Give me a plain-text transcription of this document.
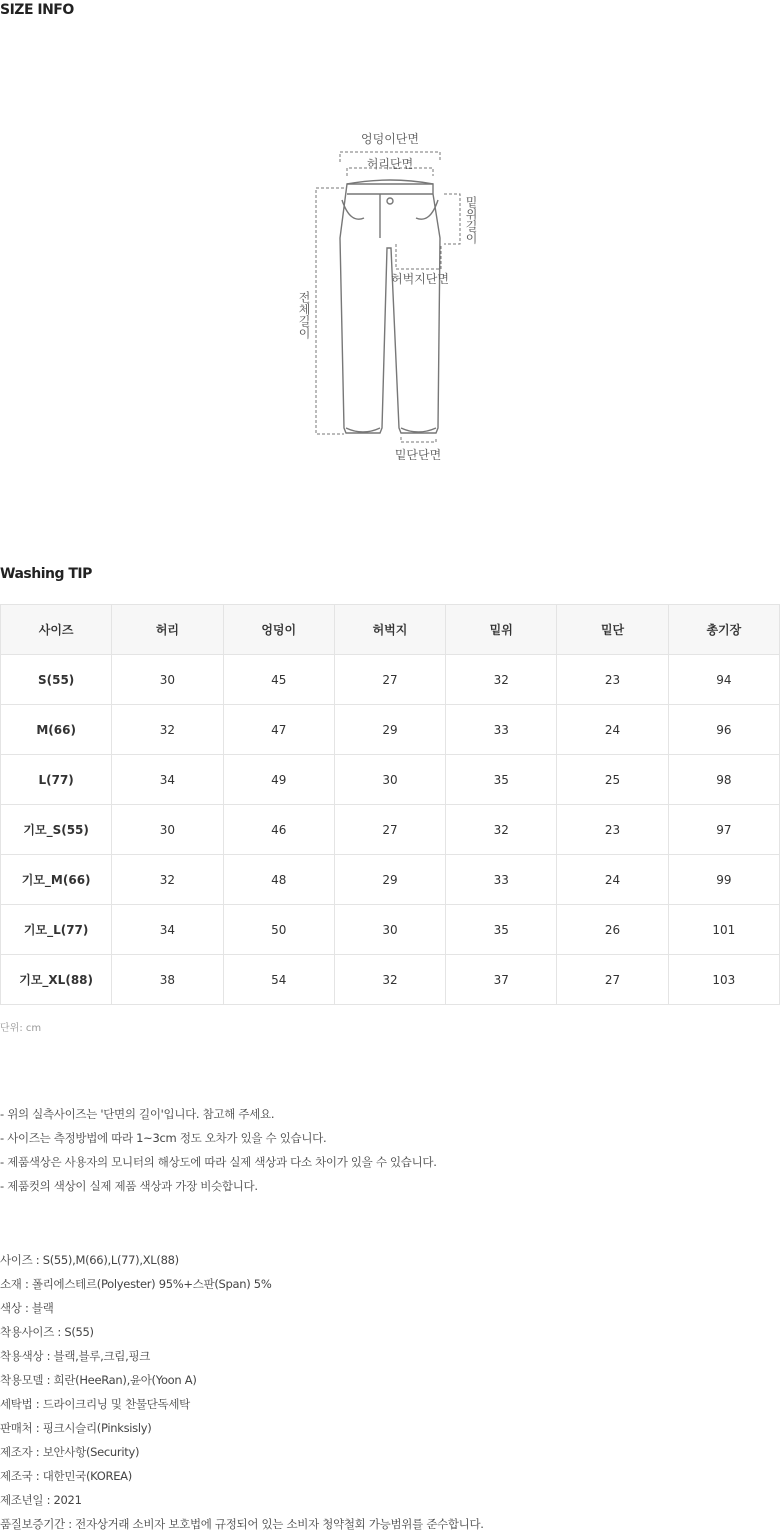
SIZE INFO
엉덩이단면
허리단면
밑위길이
허벅지단면
전체길이
밑단단면
Washing TIP
사이즈	허리	엉덩이	허벅지	밑위	밑단	총기장
S(55)	30	45	27	32	23	94
M(66)	32	47	29	33	24	96
L(77)	34	49	30	35	25	98
기모_S(55)	30	46	27	32	23	97
기모_M(66)	32	48	29	33	24	99
기모_L(77)	34	50	30	35	26	101
기모_XL(88)	38	54	32	37	27	103
단위: cm
- 위의 실측사이즈는 '단면의 길이'입니다. 참고해 주세요.
- 사이즈는 측정방법에 따라 1~3cm 정도 오차가 있을 수 있습니다.
- 제품색상은 사용자의 모니터의 해상도에 따라 실제 색상과 다소 차이가 있을 수 있습니다.
- 제품컷의 색상이 실제 제품 색상과 가장 비슷합니다.
사이즈 : S(55),M(66),L(77),XL(88)
소재 : 폴리에스테르(Polyester) 95%+스판(Span) 5%
색상 : 블랙
착용사이즈 : S(55)
착용색상 : 블랙,블루,크림,핑크
착용모델 : 희란(HeeRan),윤아(Yoon A)
세탁법 : 드라이크리닝 및 찬물단독세탁
판매처 : 핑크시슬리(Pinksisly)
제조자 : 보안사항(Security)
제조국 : 대한민국(KOREA)
제조년일 : 2021
품질보증기간 : 전자상거래 소비자 보호법에 규정되어 있는 소비자 청약철회 가능범위를 준수합니다.
